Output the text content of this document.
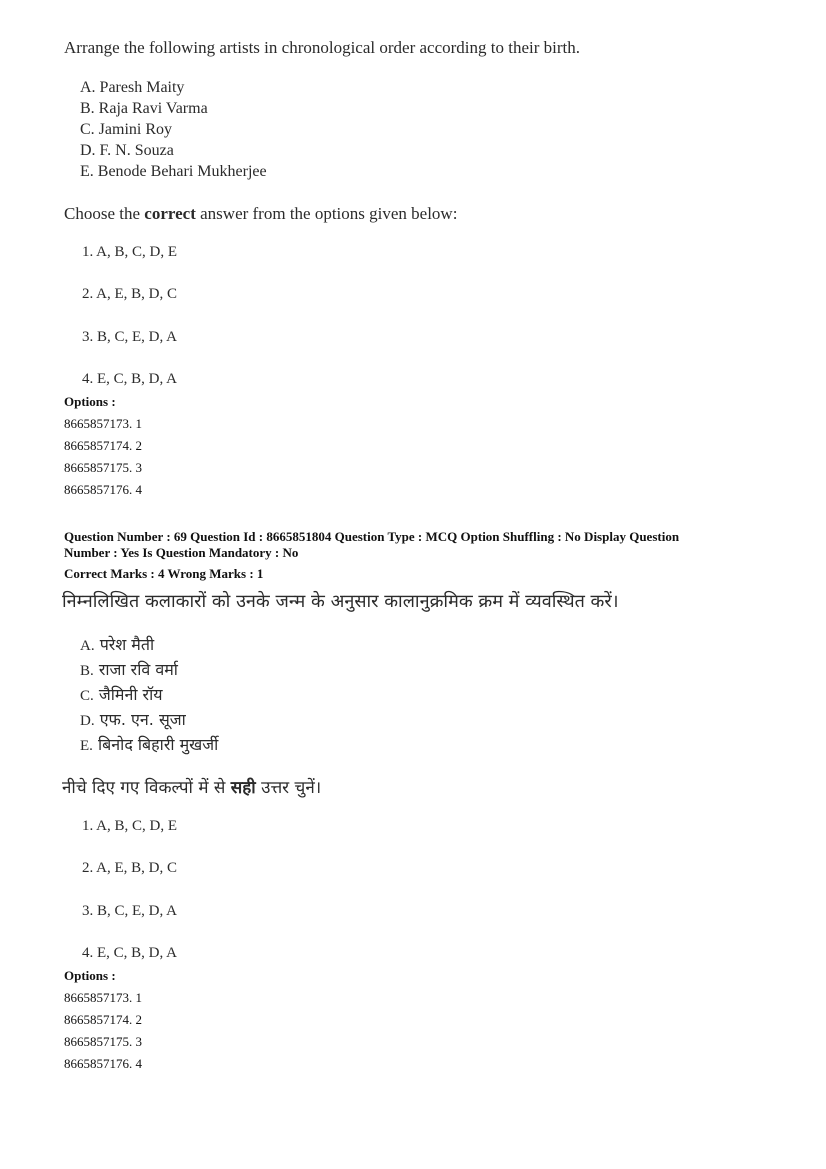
Arrange the following artists in chronological order according to their birth.
A. Paresh Maity
B. Raja Ravi Varma
C. Jamini Roy
D. F. N. Souza
E. Benode Behari Mukherjee
Choose the correct answer from the options given below:
1. A, B, C, D, E
2. A, E, B, D, C
3. B, C, E, D, A
4. E, C, B, D, A
Options :
8665857173. 1
8665857174. 2
8665857175. 3
8665857176. 4
Question Number : 69 Question Id : 8665851804 Question Type : MCQ Option Shuffling : No Display Question
Number : Yes Is Question Mandatory : No
Correct Marks : 4 Wrong Marks : 1
निम्नलिखित कलाकारों को उनके जन्म के अनुसार कालानुक्रमिक क्रम में व्यवस्थित करें।
A. परेश मैती
B. राजा रवि वर्मा
C. जैमिनी रॉय
D. एफ. एन. सूजा
E. बिनोद बिहारी मुखर्जी
नीचे दिए गए विकल्पों में से सही उत्तर चुनें।
1. A, B, C, D, E
2. A, E, B, D, C
3. B, C, E, D, A
4. E, C, B, D, A
Options :
8665857173. 1
8665857174. 2
8665857175. 3
8665857176. 4
